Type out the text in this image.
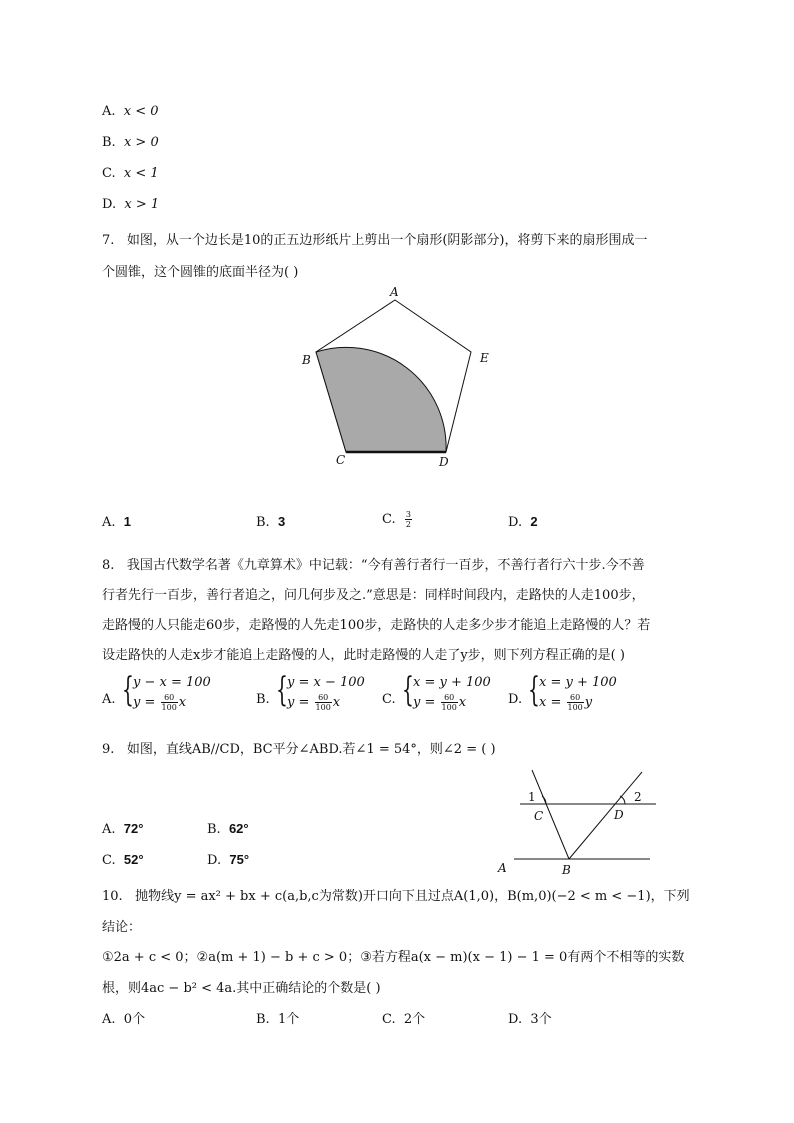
A. x < 0
B. x > 0
C. x < 1
D. x > 1
7. 如图，从一个边长是10的正五边形纸片上剪出一个扇形(阴影部分)，将剪下来的扇形围成一
个圆锥，这个圆锥的底面半径为( )
A
B	E
C	D
A. 1	B. 3	C. $\frac{3}{2}$	D. 2
8. 我国古代数学名著《九章算术》中记载：“今有善行者行一百步，不善行者行六十步.今不善
行者先行一百步，善行者追之，问几何步及之.”意思是：同样时间段内，走路快的人走100步，
走路慢的人只能走60步，走路慢的人先走100步，走路快的人走多少步才能追上走路慢的人？若
设走路快的人走x步才能追上走路慢的人，此时走路慢的人走了y步，则下列方程正确的是( )
A. { y − x = 100
$y = \frac{60}{100}$ x	B. { y = x − 100
$y = \frac{60}{100}$ x	C. { x = y + 100
$y = \frac{60}{100}$ x	D. { x = y + 100
$x = \frac{60}{100}$ y
9. 如图，直线AB//CD，BC平分∠ABD.若∠1 = 54°，则∠2 = ( )
1	2
C	D
A	B
A. 72°	B. 62°
C. 52°	D. 75°
10. 抛物线y = ax² + bx + c(a,b,c为常数)开口向下且过点A(1,0)，B(m,0)(−2 < m < −1)，下列
结论：
①2a + c < 0；②a(m + 1) − b + c > 0；③若方程a(x − m)(x − 1) − 1 = 0有两个不相等的实数
根，则4ac − b² < 4a.其中正确结论的个数是( )
A. 0个	B. 1个	C. 2个	D. 3个
